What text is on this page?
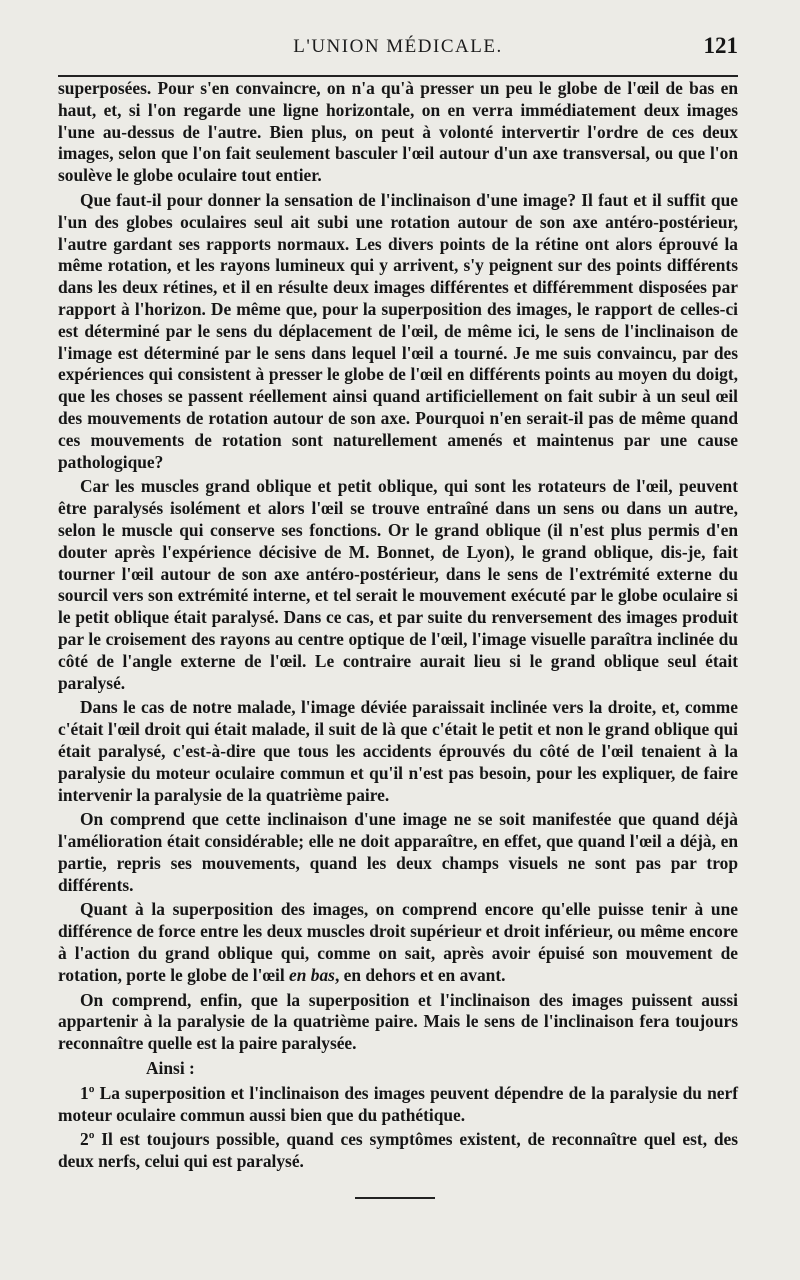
L'UNION MÉDICALE.	121

superposées. Pour s'en convaincre, on n'a qu'à presser un peu le globe de l'œil de bas en haut, et, si l'on regarde une ligne horizontale, on en verra immédiatement deux images l'une au-dessus de l'autre. Bien plus, on peut à volonté intervertir l'ordre de ces deux images, selon que l'on fait seulement basculer l'œil autour d'un axe transversal, ou que l'on soulève le globe oculaire tout entier.

Que faut-il pour donner la sensation de l'inclinaison d'une image? Il faut et il suffit que l'un des globes oculaires seul ait subi une rotation autour de son axe antéro-postérieur, l'autre gardant ses rapports normaux. Les divers points de la rétine ont alors éprouvé la même rotation, et les rayons lumineux qui y arrivent, s'y peignent sur des points différents dans les deux rétines, et il en résulte deux images différentes et différemment disposées par rapport à l'horizon. De même que, pour la superposition des images, le rapport de celles-ci est déterminé par le sens du déplacement de l'œil, de même ici, le sens de l'inclinaison de l'image est déterminé par le sens dans lequel l'œil a tourné. Je me suis convaincu, par des expériences qui consistent à presser le globe de l'œil en différents points au moyen du doigt, que les choses se passent réellement ainsi quand artificiellement on fait subir à un seul œil des mouvements de rotation autour de son axe. Pourquoi n'en serait-il pas de même quand ces mouvements de rotation sont naturellement amenés et maintenus par une cause pathologique?

Car les muscles grand oblique et petit oblique, qui sont les rotateurs de l'œil, peuvent être paralysés isolément et alors l'œil se trouve entraîné dans un sens ou dans un autre, selon le muscle qui conserve ses fonctions. Or le grand oblique (il n'est plus permis d'en douter après l'expérience décisive de M. Bonnet, de Lyon), le grand oblique, dis-je, fait tourner l'œil autour de son axe antéro-postérieur, dans le sens de l'extrémité externe du sourcil vers son extrémité interne, et tel serait le mouvement exécuté par le globe oculaire si le petit oblique était paralysé. Dans ce cas, et par suite du renversement des images produit par le croisement des rayons au centre optique de l'œil, l'image visuelle paraîtra inclinée du côté de l'angle externe de l'œil. Le contraire aurait lieu si le grand oblique seul était paralysé.

Dans le cas de notre malade, l'image déviée paraissait inclinée vers la droite, et, comme c'était l'œil droit qui était malade, il suit de là que c'était le petit et non le grand oblique qui était paralysé, c'est-à-dire que tous les accidents éprouvés du côté de l'œil tenaient à la paralysie du moteur oculaire commun et qu'il n'est pas besoin, pour les expliquer, de faire intervenir la paralysie de la quatrième paire.

On comprend que cette inclinaison d'une image ne se soit manifestée que quand déjà l'amélioration était considérable; elle ne doit apparaître, en effet, que quand l'œil a déjà, en partie, repris ses mouvements, quand les deux champs visuels ne sont pas par trop différents.

Quant à la superposition des images, on comprend encore qu'elle puisse tenir à une différence de force entre les deux muscles droit supérieur et droit inférieur, ou même encore à l'action du grand oblique qui, comme on sait, après avoir épuisé son mouvement de rotation, porte le globe de l'œil en bas, en dehors et en avant.

On comprend, enfin, que la superposition et l'inclinaison des images puissent aussi appartenir à la paralysie de la quatrième paire. Mais le sens de l'inclinaison fera toujours reconnaître quelle est la paire paralysée.

Ainsi :

1º La superposition et l'inclinaison des images peuvent dépendre de la paralysie du nerf moteur oculaire commun aussi bien que du pathétique.

2º Il est toujours possible, quand ces symptômes existent, de reconnaître quel est, des deux nerfs, celui qui est paralysé.
